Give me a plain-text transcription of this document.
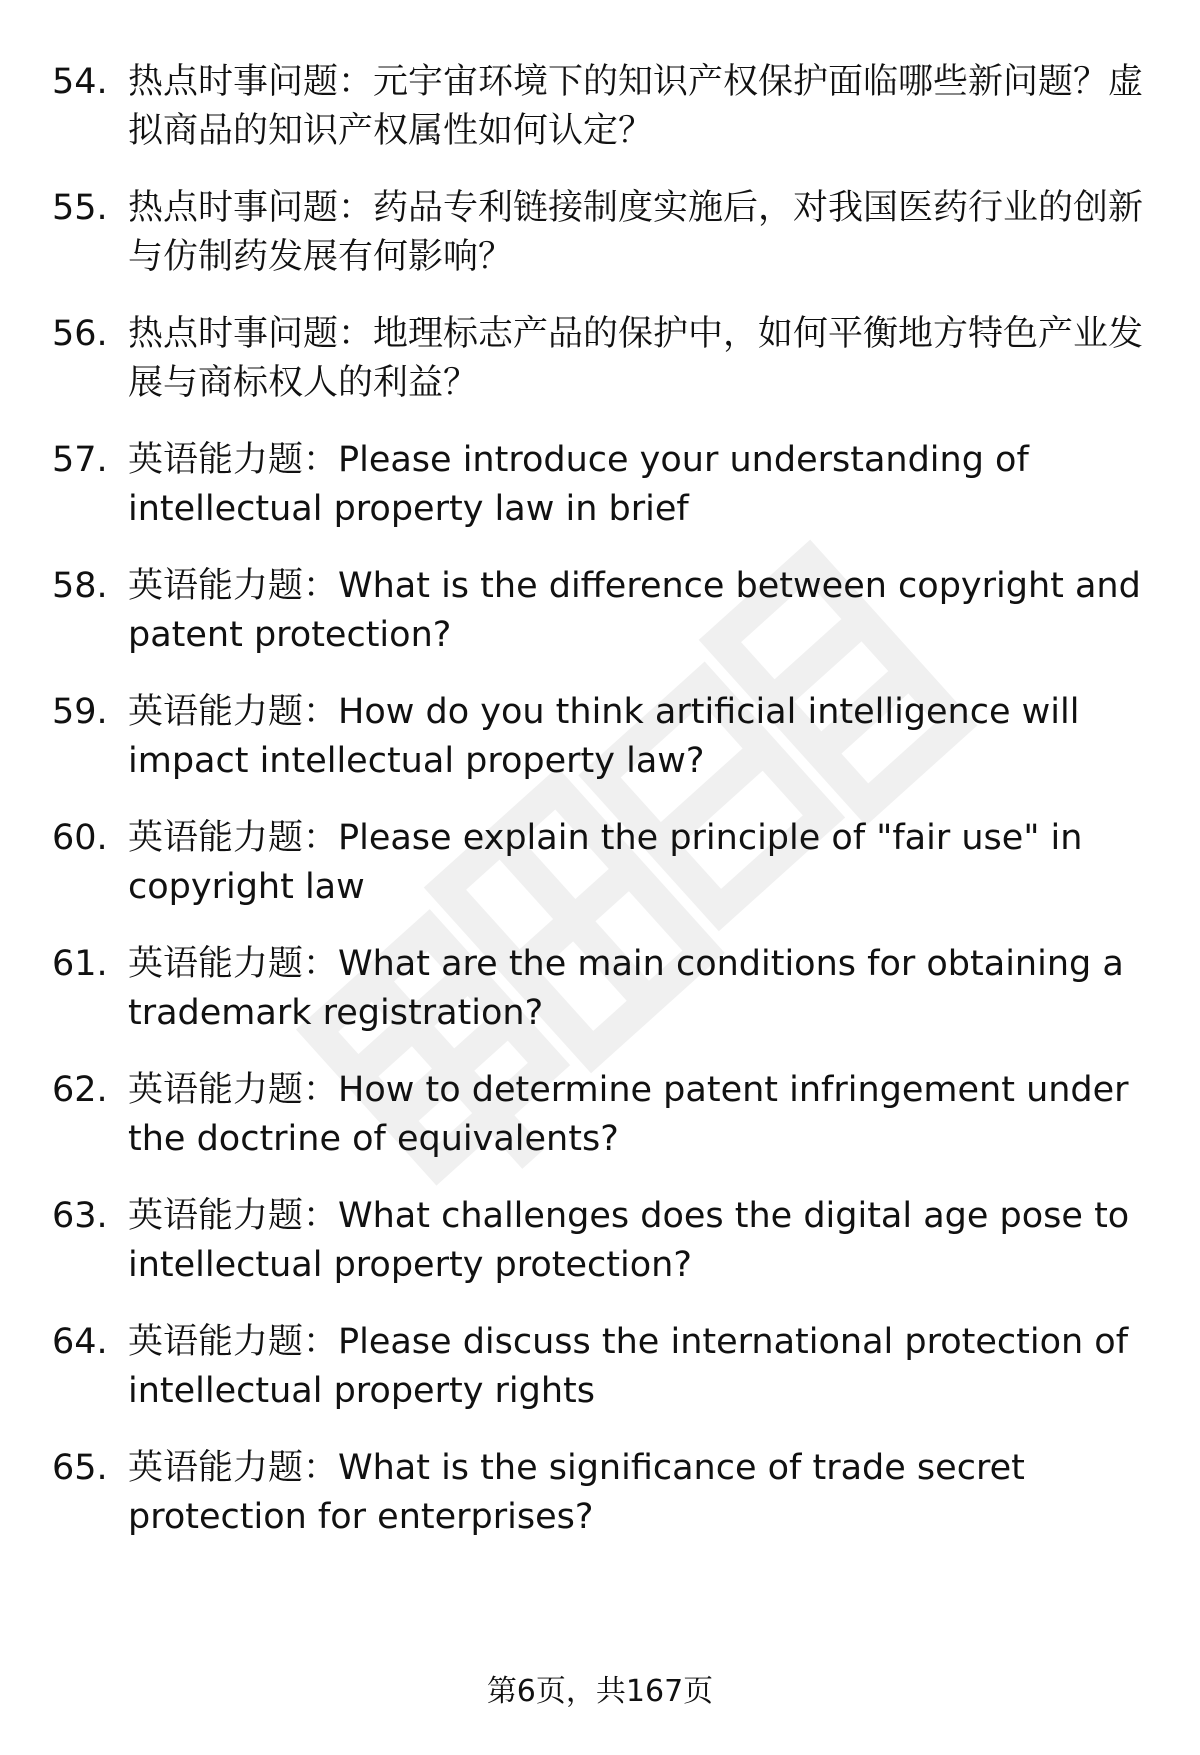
54. 热点时事问题：元宇宙环境下的知识产权保护面临哪些新问题？虚拟商品的知识产权属性如何认定？
55. 热点时事问题：药品专利链接制度实施后，对我国医药行业的创新与仿制药发展有何影响？
56. 热点时事问题：地理标志产品的保护中，如何平衡地方特色产业发展与商标权人的利益？
57. 英语能力题：Please introduce your understanding of intellectual property law in brief
58. 英语能力题：What is the difference between copyright and patent protection?
59. 英语能力题：How do you think artificial intelligence will impact intellectual property law?
60. 英语能力题：Please explain the principle of "fair use" in copyright law
61. 英语能力题：What are the main conditions for obtaining a trademark registration?
62. 英语能力题：How to determine patent infringement under the doctrine of equivalents?
63. 英语能力题：What challenges does the digital age pose to intellectual property protection?
64. 英语能力题：Please discuss the international protection of intellectual property rights
65. 英语能力题：What is the significance of trade secret protection for enterprises?
第6页，共167页
